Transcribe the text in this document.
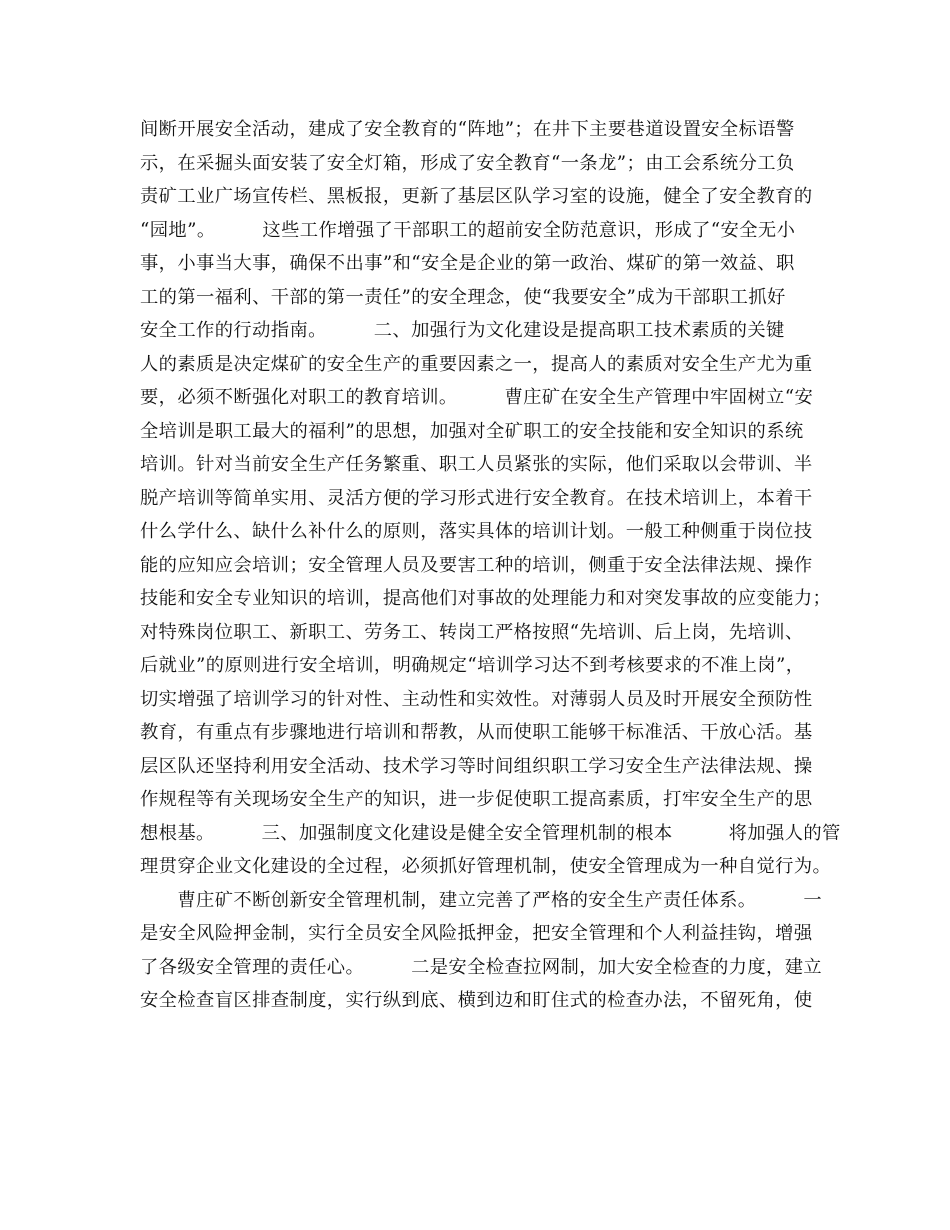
间断开展安全活动，建成了安全教育的“阵地”；在井下主要巷道设置安全标语警
示，在采掘头面安装了安全灯箱，形成了安全教育“一条龙”；由工会系统分工负
责矿工业广场宣传栏、黑板报，更新了基层区队学习室的设施，健全了安全教育的
“园地”。　　　这些工作增强了干部职工的超前安全防范意识，形成了“安全无小
事，小事当大事，确保不出事”和“安全是企业的第一政治、煤矿的第一效益、职
工的第一福利、干部的第一责任”的安全理念，使“我要安全”成为干部职工抓好
安全工作的行动指南。　　　二、加强行为文化建设是提高职工技术素质的关键
人的素质是决定煤矿的安全生产的重要因素之一，提高人的素质对安全生产尤为重
要，必须不断强化对职工的教育培训。　　　曹庄矿在安全生产管理中牢固树立“安
全培训是职工最大的福利”的思想，加强对全矿职工的安全技能和安全知识的系统
培训。针对当前安全生产任务繁重、职工人员紧张的实际，他们采取以会带训、半
脱产培训等简单实用、灵活方便的学习形式进行安全教育。在技术培训上，本着干
什么学什么、缺什么补什么的原则，落实具体的培训计划。一般工种侧重于岗位技
能的应知应会培训；安全管理人员及要害工种的培训，侧重于安全法律法规、操作
技能和安全专业知识的培训，提高他们对事故的处理能力和对突发事故的应变能力；
对特殊岗位职工、新职工、劳务工、转岗工严格按照“先培训、后上岗，先培训、
后就业”的原则进行安全培训，明确规定“培训学习达不到考核要求的不准上岗”，
切实增强了培训学习的针对性、主动性和实效性。对薄弱人员及时开展安全预防性
教育，有重点有步骤地进行培训和帮教，从而使职工能够干标准活、干放心活。基
层区队还坚持利用安全活动、技术学习等时间组织职工学习安全生产法律法规、操
作规程等有关现场安全生产的知识，进一步促使职工提高素质，打牢安全生产的思
想根基。　　　三、加强制度文化建设是健全安全管理机制的根本　　　将加强人的管
理贯穿企业文化建设的全过程，必须抓好管理机制，使安全管理成为一种自觉行为。
　　曹庄矿不断创新安全管理机制，建立完善了严格的安全生产责任体系。　　　一
是安全风险押金制，实行全员安全风险抵押金，把安全管理和个人利益挂钩，增强
了各级安全管理的责任心。　　　二是安全检查拉网制，加大安全检查的力度，建立
安全检查盲区排查制度，实行纵到底、横到边和盯住式的检查办法，不留死角，使
